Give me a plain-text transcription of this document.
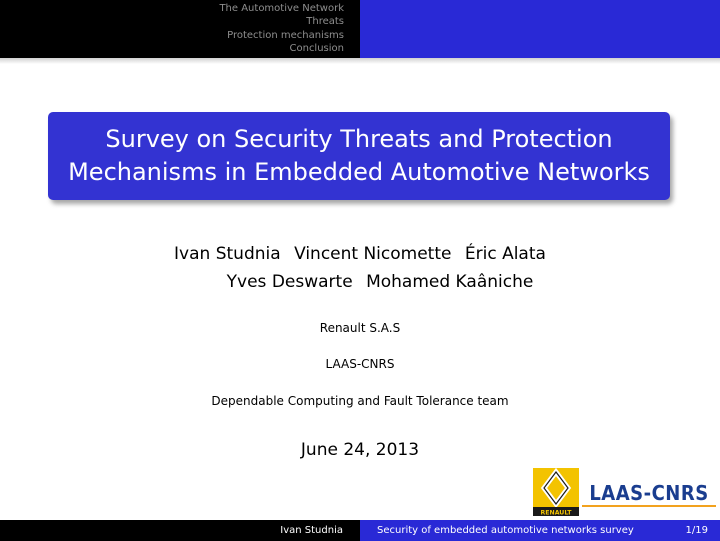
The Automotive Network
Threats
Protection mechanisms
Conclusion
Survey on Security Threats and Protection
Mechanisms in Embedded Automotive Networks
Ivan Studnia Vincent Nicomette Éric Alata
Yves Deswarte Mohamed Kaâniche
Renault S.A.S
LAAS-CNRS
Dependable Computing and Fault Tolerance team
June 24, 2013
RENAULT
LAAS-CNRS
Ivan Studnia	Security of embedded automotive networks survey	1/19
